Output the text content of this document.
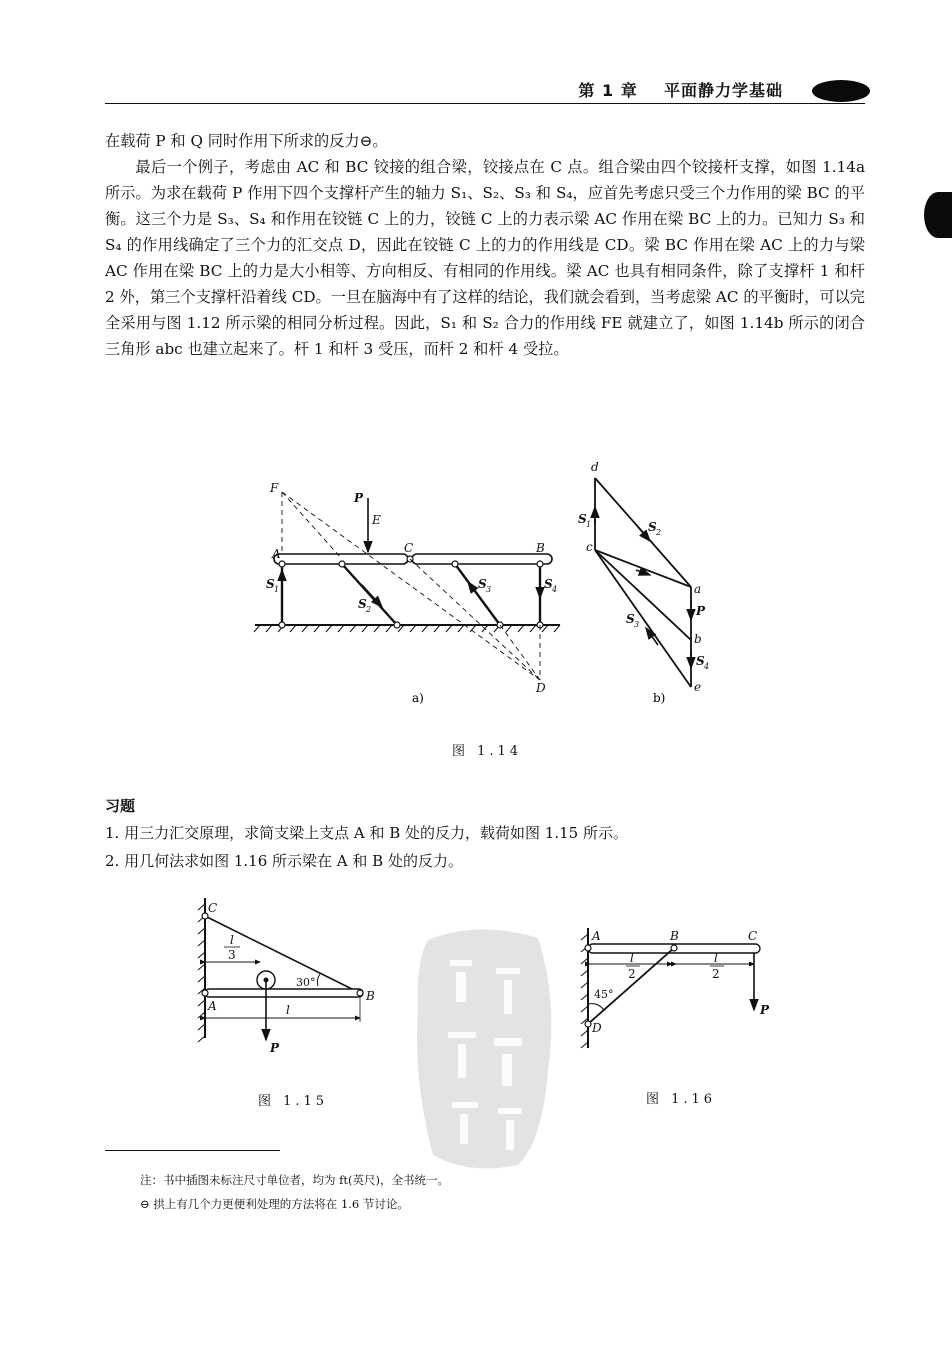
第 1 章 平面静力学基础

在载荷 P 和 Q 同时作用下所求的反力⊖。

最后一个例子，考虑由 AC 和 BC 铰接的组合梁，铰接点在 C 点。组合梁由四个铰接杆支撑，如图 1.14a 所示。为求在载荷 P 作用下四个支撑杆产生的轴力 S₁、S₂、S₃ 和 S₄，应首先考虑只受三个力作用的梁 BC 的平衡。这三个力是 S₃、S₄ 和作用在铰链 C 上的力，铰链 C 上的力表示梁 AC 作用在梁 BC 上的力。已知力 S₃ 和 S₄ 的作用线确定了三个力的汇交点 D，因此在铰链 C 上的力的作用线是 CD。梁 BC 作用在梁 AC 上的力与梁 AC 作用在梁 BC 上的力是大小相等、方向相反、有相同的作用线。梁 AC 也具有相同条件，除了支撑杆 1 和杆 2 外，第三个支撑杆沿着线 CD。一旦在脑海中有了这样的结论，我们就会看到，当考虑梁 AC 的平衡时，可以完全采用与图 1.12 所示梁的相同分析过程。因此，S₁ 和 S₂ 合力的作用线 FE 就建立了，如图 1.14b 所示的闭合三角形 abc 也建立起来了。杆 1 和杆 3 受压，而杆 2 和杆 4 受拉。

F
P
E
A	C	B
S 1
S 2
S 3	S 4
D
a)
d
c
a
b
e
S 1	S 2
S 3
P
S 4
b)
图 1.14
习题
1. 用三力汇交原理，求简支梁上支点 A 和 B 处的反力，载荷如图 1.15 所示。
2. 用几何法求如图 1.16 所示梁在 A 和 B 处的反力。
C
l
3
30°
A
B
l
P
图 1.15
A	B	C
l
2
l
2
45°
D
P
图 1.16
注：书中插图未标注尺寸单位者，均为 ft(英尺)，全书统一。
⊖ 拱上有几个力更便利处理的方法将在 1.6 节讨论。
